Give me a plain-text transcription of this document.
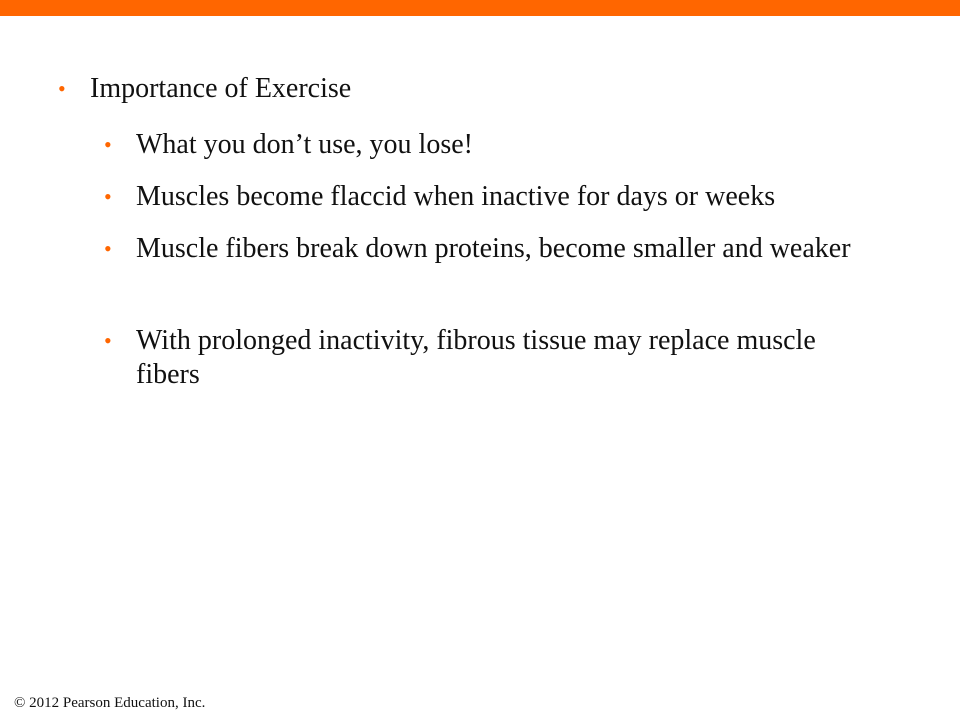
• Importance of Exercise
• What you don’t use, you lose!
• Muscles become flaccid when inactive for days or weeks
• Muscle fibers break down proteins, become smaller and weaker
• With prolonged inactivity, fibrous tissue may replace muscle fibers
© 2012 Pearson Education, Inc.
